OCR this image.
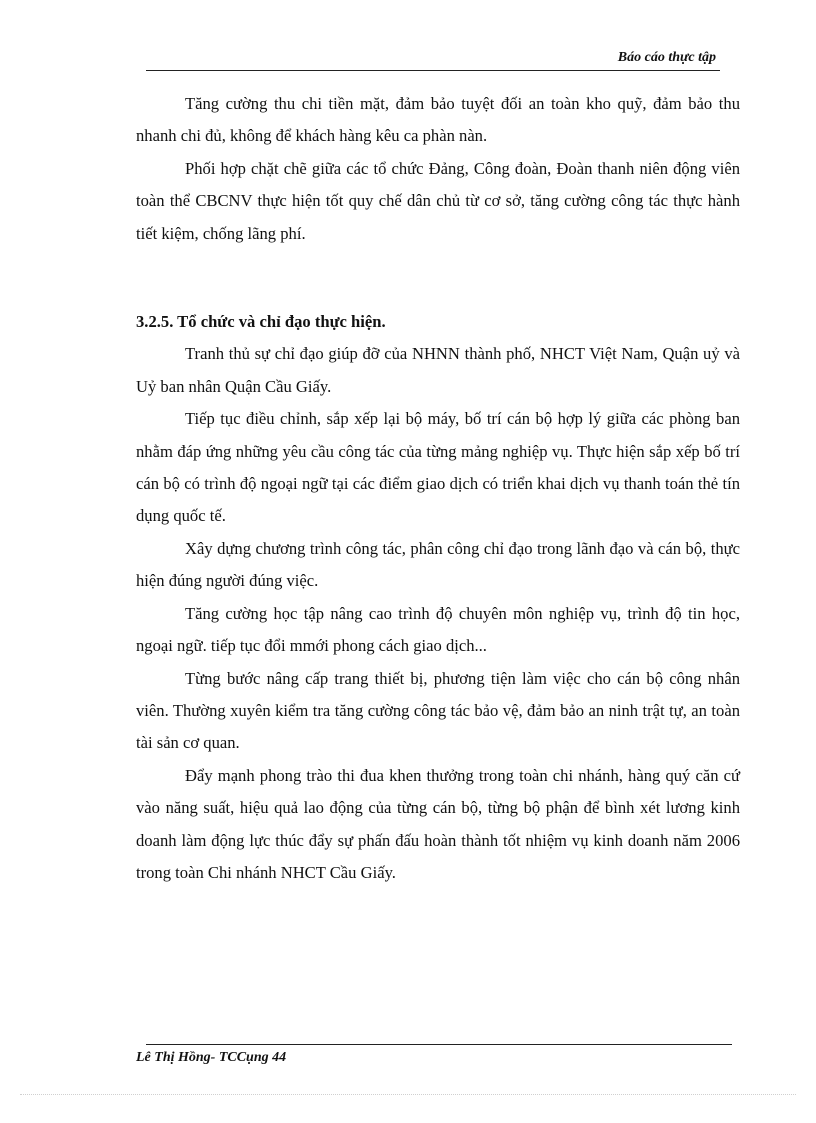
Báo cáo thực tập

Tăng cường thu chi tiền mặt, đảm bảo tuyệt đối an toàn kho quỹ, đảm bảo thu nhanh chi đủ, không để khách hàng kêu ca phàn nàn.

Phối hợp chặt chẽ giữa các tổ chức Đảng, Công đoàn, Đoàn thanh niên động viên toàn thể CBCNV thực hiện tốt quy chế dân chủ từ cơ sở, tăng cường công tác thực hành tiết kiệm, chống lãng phí.

3.2.5. Tổ chức và chỉ đạo thực hiện.

Tranh thủ sự chỉ đạo giúp đỡ của NHNN thành phố, NHCT Việt Nam, Quận uỷ và Uỷ ban nhân Quận Cầu Giấy.

Tiếp tục điều chỉnh, sắp xếp lại bộ máy, bố trí cán bộ hợp lý giữa các phòng ban nhằm đáp ứng những yêu cầu công tác của từng mảng nghiệp vụ. Thực hiện sắp xếp bố trí cán bộ có trình độ ngoại ngữ tại các điểm giao dịch có triển khai dịch vụ thanh toán thẻ tín dụng quốc tế.

Xây dựng chương trình công tác, phân công chỉ đạo trong lãnh đạo và cán bộ, thực hiện đúng người đúng việc.

Tăng cường học tập nâng cao trình độ chuyên môn nghiệp vụ, trình độ tin học, ngoại ngữ. tiếp tục đổi mmới phong cách giao dịch...

Từng bước nâng cấp trang thiết bị, phương tiện làm việc cho cán bộ công nhân viên. Thường xuyên kiểm tra tăng cường công tác bảo vệ, đảm bảo an ninh trật tự, an toàn tài sản cơ quan.

Đẩy mạnh phong trào thi đua khen thưởng trong toàn chi nhánh, hàng quý căn cứ vào năng suất, hiệu quả lao động của từng cán bộ, từng bộ phận để bình xét lương kinh doanh làm động lực thúc đẩy sự phấn đấu hoàn thành tốt nhiệm vụ kinh doanh năm 2006 trong toàn Chi nhánh NHCT Cầu Giấy.

Lê Thị Hồng- TCCụng 44
